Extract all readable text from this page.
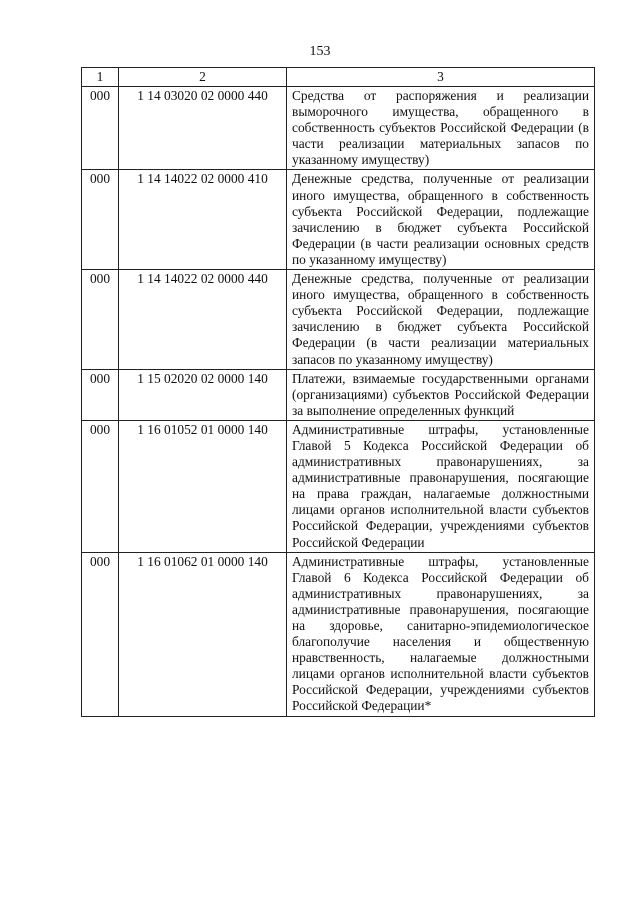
153
1	2	3
000	1 14 03020 02 0000 440	Средства от распоряжения и реализации выморочного имущества, обращенного в собственность субъектов Российской Федерации (в части реализации материальных запасов по указанному имуществу)
000	1 14 14022 02 0000 410	Денежные средства, полученные от реализации иного имущества, обращенного в собственность субъекта Российской Федерации, подлежащие зачислению в бюджет субъекта Российской Федерации (в части реализации основных средств по указанному имуществу)
000	1 14 14022 02 0000 440	Денежные средства, полученные от реализации иного имущества, обращенного в собственность субъекта Российской Федерации, подлежащие зачислению в бюджет субъекта Российской Федерации (в части реализации материальных запасов по указанному имуществу)
000	1 15 02020 02 0000 140	Платежи, взимаемые государственными органами (организациями) субъектов Российской Федерации за выполнение определенных функций
000	1 16 01052 01 0000 140	Административные штрафы, установленные Главой 5 Кодекса Российской Федерации об административных правонарушениях, за административные правонарушения, посягающие на права граждан, налагаемые должностными лицами органов исполнительной власти субъектов Российской Федерации, учреждениями субъектов Российской Федерации
000	1 16 01062 01 0000 140	Административные штрафы, установленные Главой 6 Кодекса Российской Федерации об административных правонарушениях, за административные правонарушения, посягающие на здоровье, санитарно-эпидемиологическое благополучие населения и общественную нравственность, налагаемые должностными лицами органов исполнительной власти субъектов Российской Федерации, учреждениями субъектов Российской Федерации*
